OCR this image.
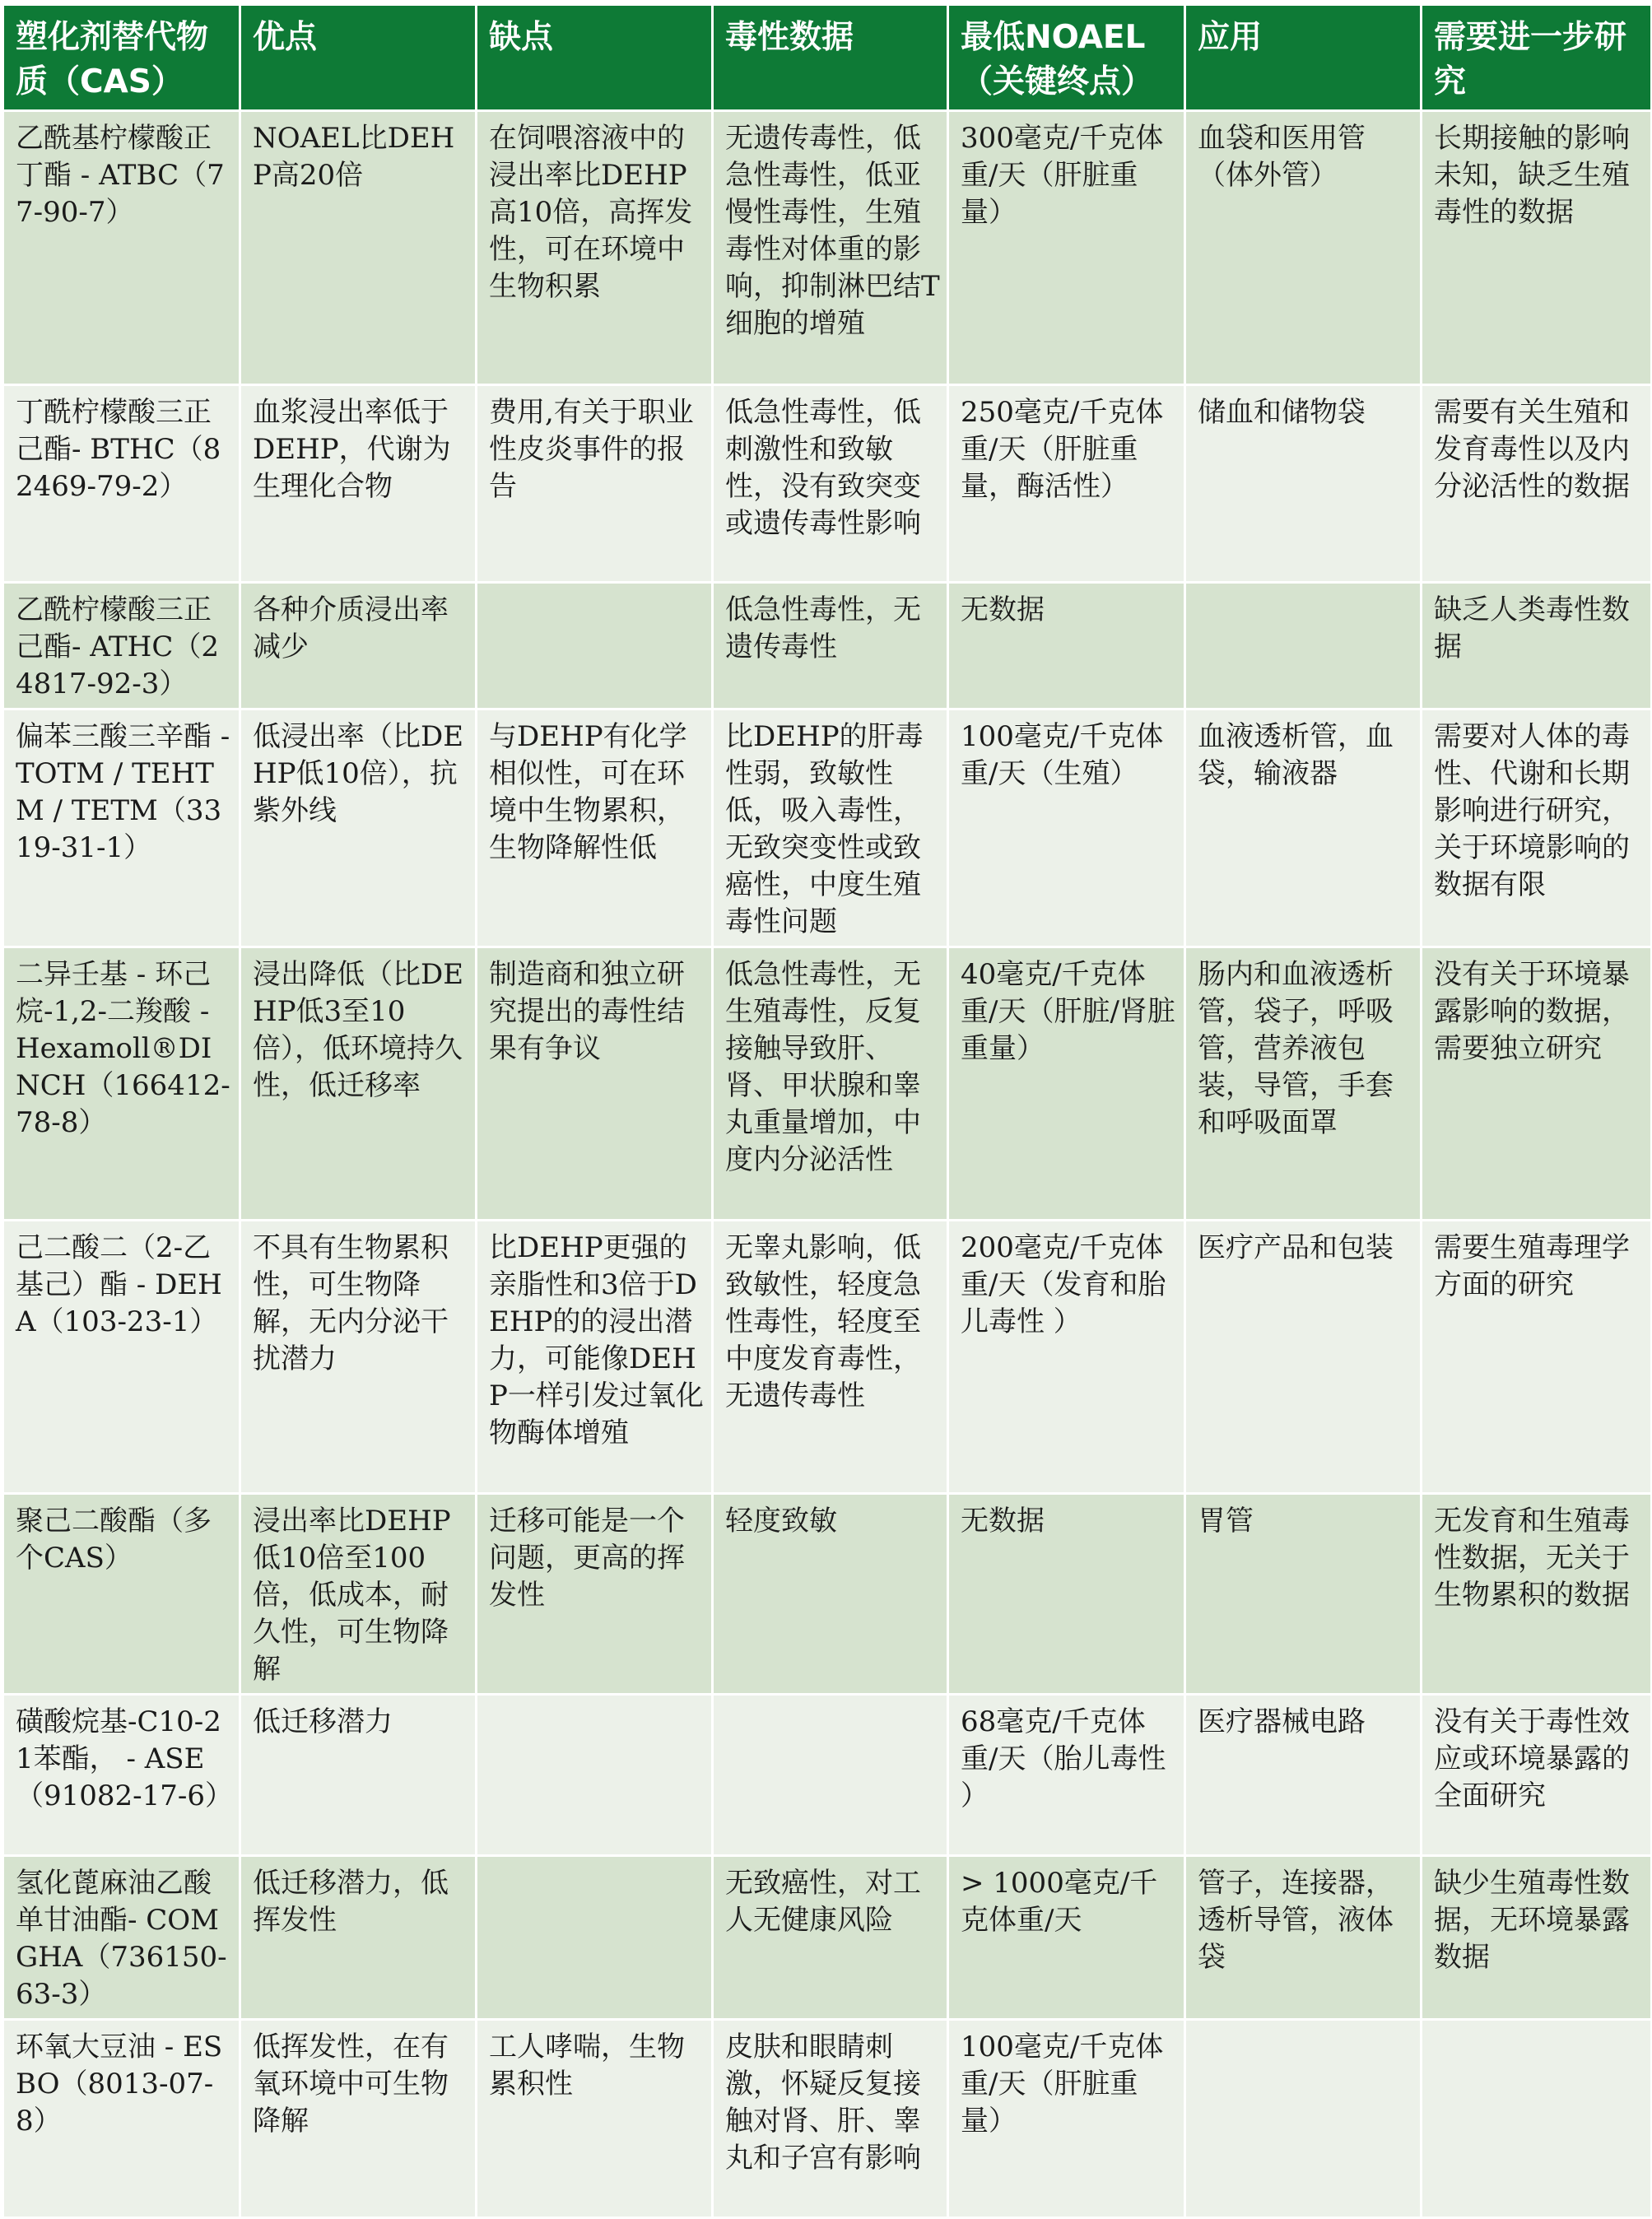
塑化剂替代物质（CAS）	优点	缺点	毒性数据	最低NOAEL（关键终点）	应用	需要进一步研究
乙酰基柠檬酸正丁酯 - ATBC（77-90-7）	NOAEL比DEHP高20倍	在饲喂溶液中的浸出率比DEHP高10倍，高挥发性，可在环境中生物积累	无遗传毒性，低急性毒性，低亚慢性毒性，生殖毒性对体重的影响，抑制淋巴结T细胞的增殖	300毫克/千克体重/天（肝脏重量）	血袋和医用管（体外管）	长期接触的影响未知，缺乏生殖毒性的数据
丁酰柠檬酸三正己酯- BTHC（82469-79-2）	血浆浸出率低于DEHP，代谢为生理化合物	费用,有关于职业性皮炎事件的报告	低急性毒性，低刺激性和致敏性，没有致突变或遗传毒性影响	250毫克/千克体重/天（肝脏重量，酶活性）	储血和储物袋	需要有关生殖和发育毒性以及内分泌活性的数据
乙酰柠檬酸三正己酯- ATHC（24817-92-3）	各种介质浸出率减少		低急性毒性，无遗传毒性	无数据		缺乏人类毒性数据
偏苯三酸三辛酯 - TOTM / TEHTM / TETM（3319-31-1）	低浸出率（比DEHP低10倍），抗紫外线	与DEHP有化学相似性，可在环境中生物累积，生物降解性低	比DEHP的肝毒性弱，致敏性低，吸入毒性，无致突变性或致癌性，中度生殖毒性问题	100毫克/千克体重/天（生殖）	血液透析管，血袋，输液器	需要对人体的毒性、代谢和长期影响进行研究，关于环境影响的数据有限
二异壬基 - 环己烷-1,2-二羧酸 - Hexamoll®DINCH（166412-78-8）	浸出降低（比DEHP低3至10倍），低环境持久性，低迁移率	制造商和独立研究提出的毒性结果有争议	低急性毒性，无生殖毒性，反复接触导致肝、肾、甲状腺和睾丸重量增加，中度内分泌活性	40毫克/千克体重/天（肝脏/肾脏重量）	肠内和血液透析管，袋子，呼吸管，营养液包装，导管，手套和呼吸面罩	没有关于环境暴露影响的数据，需要独立研究
己二酸二（2-乙基己）酯 - DEHA（103-23-1）	不具有生物累积性，可生物降解，无内分泌干扰潜力	比DEHP更强的亲脂性和3倍于DEHP的的浸出潜力，可能像DEHP一样引发过氧化物酶体增殖	无睾丸影响，低致敏性，轻度急性毒性，轻度至中度发育毒性，无遗传毒性	200毫克/千克体重/天（发育和胎儿毒性 ）	医疗产品和包装	需要生殖毒理学方面的研究
聚己二酸酯（多个CAS）	浸出率比DEHP低10倍至100倍，低成本，耐久性，可生物降解	迁移可能是一个问题，更高的挥发性	轻度致敏	无数据	胃管	无发育和生殖毒性数据，无关于生物累积的数据
磺酸烷基-C10-21苯酯， - ASE（91082-17-6）	低迁移潜力			68毫克/千克体重/天（胎儿毒性 ）	医疗器械电路	没有关于毒性效应或环境暴露的全面研究
氢化蓖麻油乙酸单甘油酯- COMGHA（736150-63-3）	低迁移潜力，低挥发性		无致癌性，对工人无健康风险	> 1000毫克/千克体重/天	管子，连接器，透析导管，液体袋	缺少生殖毒性数据，无环境暴露数据
环氧大豆油 - ESBO（8013-07-8）	低挥发性，在有氧环境中可生物降解	工人哮喘，生物累积性	皮肤和眼睛刺激，怀疑反复接触对肾、肝、睾丸和子宫有影响	100毫克/千克体重/天（肝脏重量）		
